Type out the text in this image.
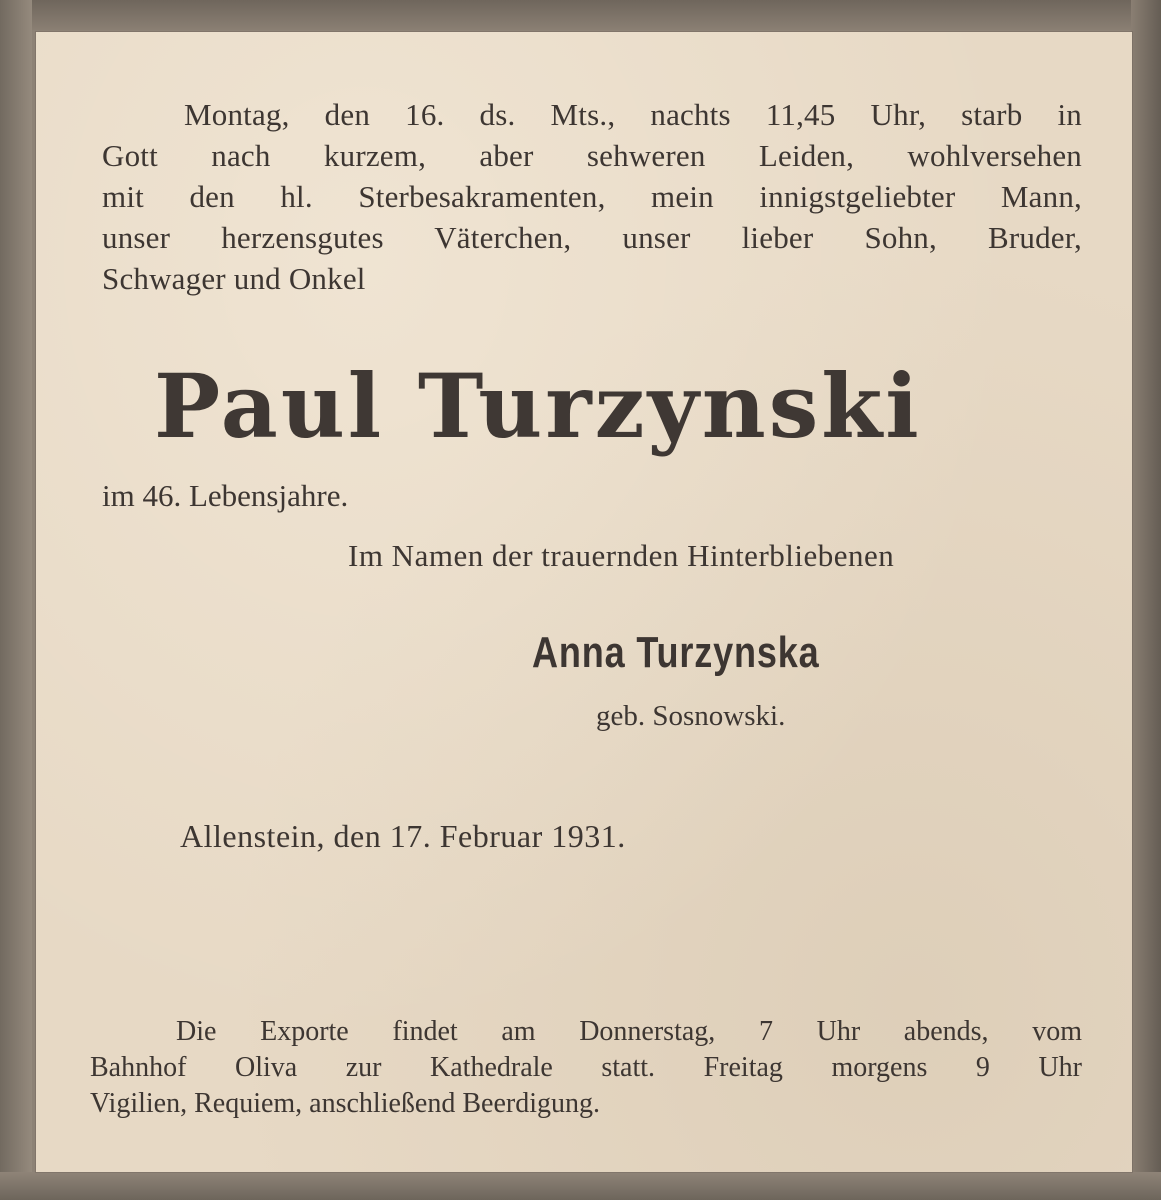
Montag, den 16. ds. Mts., nachts 11,45 Uhr, starb in
Gott nach kurzem, aber sehweren Leiden, wohlversehen
mit den hl. Sterbesakramenten, mein innigstgeliebter Mann,
unser herzensgutes Väterchen, unser lieber Sohn, Bruder,
Schwager und Onkel
Paul Turzynski
im 46. Lebensjahre.
Im Namen der trauernden Hinterbliebenen
Anna Turzynska
geb. Sosnowski.
Allenstein, den 17. Februar 1931.
Die Exporte findet am Donnerstag, 7 Uhr abends, vom
Bahnhof Oliva zur Kathedrale statt. Freitag morgens 9 Uhr
Vigilien, Requiem, anschließend Beerdigung.
